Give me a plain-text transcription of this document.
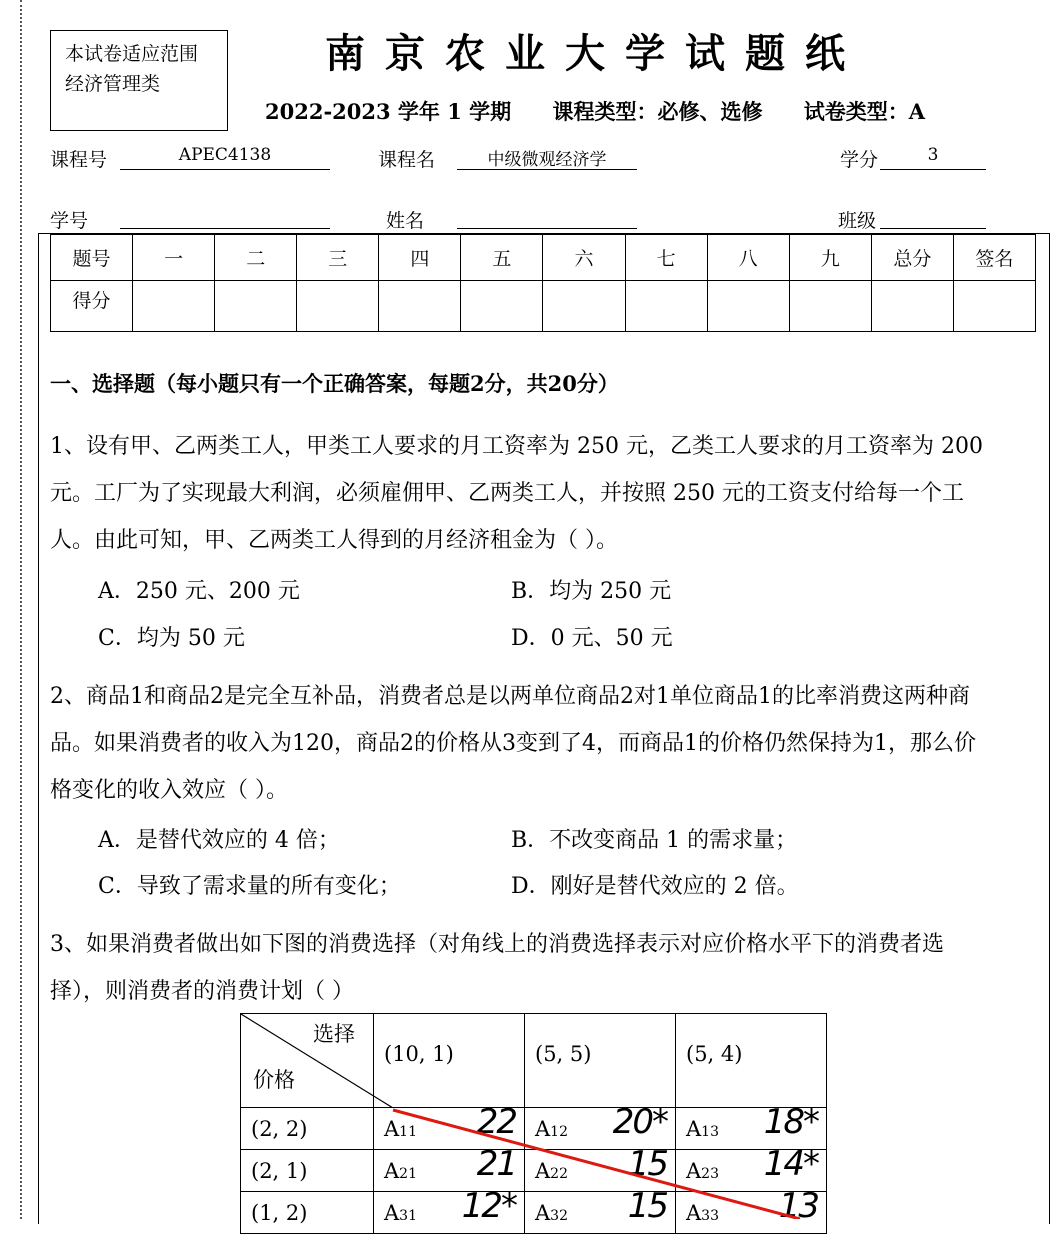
本试卷适应范围
经济管理类
南京农业大学试题纸
2022-2023 学年 1 学期 课程类型：必修、选修 试卷类型：A
课程号	APEC4138	课程名	中级微观经济学	学分	3
学号	姓名	班级
题号	一	二	三	四	五	六	七	八	九	总分	签名
得分											
一、选择题（每小题只有一个正确答案，每题2分，共20分）
1、设有甲、乙两类工人，甲类工人要求的月工资率为 250 元，乙类工人要求的月工资率为 200
元。工厂为了实现最大利润，必须雇佣甲、乙两类工人，并按照 250 元的工资支付给每一个工
人。由此可知，甲、乙两类工人得到的月经济租金为（ ）。
A．250 元、200 元	B．均为 250 元
C．均为 50 元	D．0 元、50 元
2、商品1和商品2是完全互补品，消费者总是以两单位商品2对1单位商品1的比率消费这两种商
品。如果消费者的收入为120，商品2的价格从3变到了4，而商品1的价格仍然保持为1，那么价
格变化的收入效应（ ）。
A．是替代效应的 4 倍；	B．不改变商品 1 的需求量；
C．导致了需求量的所有变化；	D．刚好是替代效应的 2 倍。
3、如果消费者做出如下图的消费选择（对角线上的消费选择表示对应价格水平下的消费者选
择），则消费者的消费计划（ ）
选择
价格	(10, 1)	(5, 5)	(5, 4)
(2, 2)	A11 22	A12 20*	A13 18*

(2, 1)	A21 21	A22 15	A23 14*

(1, 2)	A31 12*	A32 15	A33 13
